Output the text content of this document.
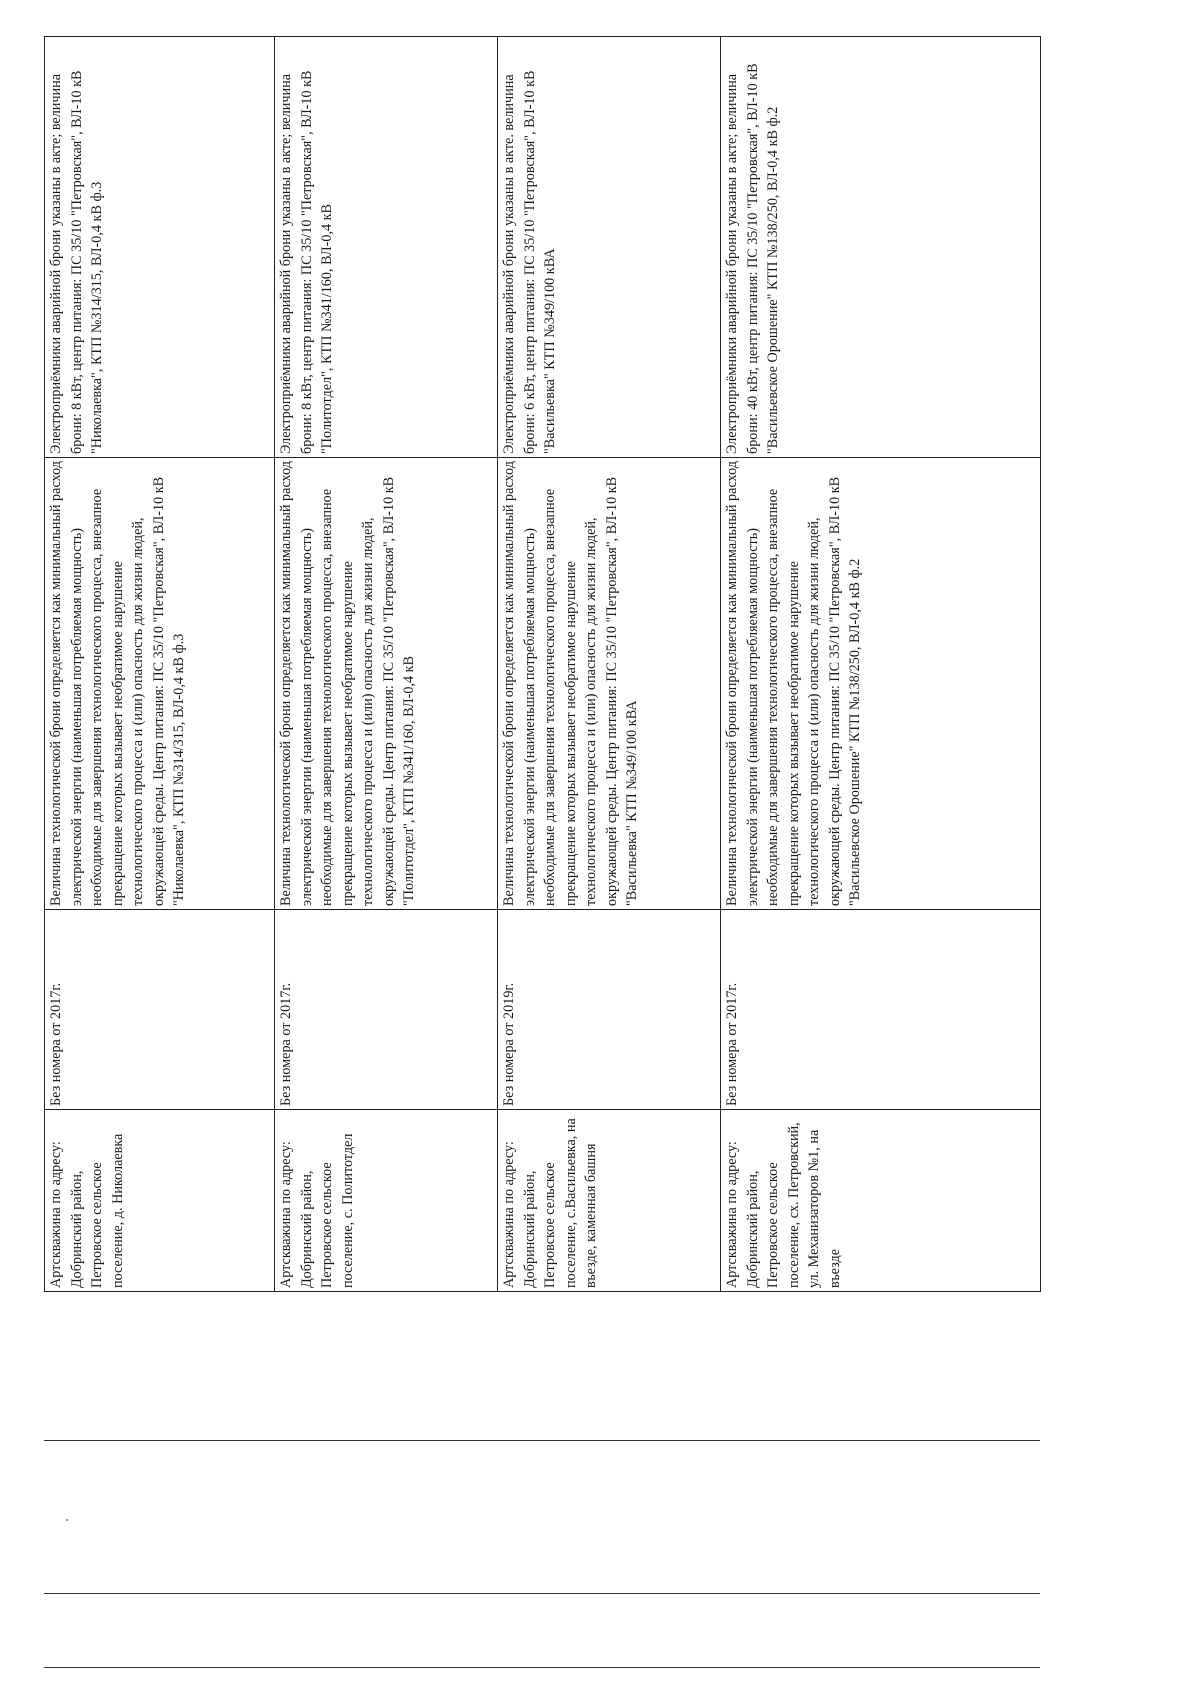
Артскважина по адресу: Добринский район, Петровское сельское поселение, д. Николаевка	Без номера от 2017г.	Величина технологической брони определяется как минимальный расход электрической энергии (наименьшая потребляемая мощность) необходимые для завершения технологического процесса, внезапное прекращение которых вызывает необратимое нарушение технологического процесса и (или) опасность для жизни людей, окружающей среды. Центр питания: ПС 35/10 "Петровская", ВЛ-10 кВ "Николаевка", КТП №314/315, ВЛ-0,4 кВ ф.3	Электроприёмники аварийной брони указаны в акте; величина брони: 8 кВт, центр питания: ПС 35/10 "Петровская", ВЛ-10 кВ "Николаевка", КТП №314/315, ВЛ-0,4 кВ ф.3
Артскважина по адресу: Добринский район, Петровское сельское поселение, с. Политотдел	Без номера от 2017г.	Величина технологической брони определяется как минимальный расход электрической энергии (наименьшая потребляемая мощность) необходимые для завершения технологического процесса, внезапное прекращение которых вызывает необратимое нарушение технологического процесса и (или) опасность для жизни людей, окружающей среды. Центр питания: ПС 35/10 "Петровская", ВЛ-10 кВ "Политотдел", КТП №341/160, ВЛ-0,4 кВ	Электроприёмники аварийной брони указаны в акте; величина брони: 8 кВт, центр питания: ПС 35/10 "Петровская", ВЛ-10 кВ "Политотдел", КТП №341/160, ВЛ-0,4 кВ
Артскважина по адресу: Добринский район, Петровское сельское поселение, с.Васильевка, на въезде, каменная башня	Без номера от 2019г.	Величина технологической брони определяется как минимальный расход электрической энергии (наименьшая потребляемая мощность) необходимые для завершения технологического процесса, внезапное прекращение которых вызывает необратимое нарушение технологического процесса и (или) опасность для жизни людей, окружающей среды. Центр питания: ПС 35/10 "Петровская", ВЛ-10 кВ "Васильевка" КТП №349/100 кВА	Электроприёмники аварийной брони указаны в акте. величина брони: 6 кВт, центр питания: ПС 35/10 "Петровская", ВЛ-10 кВ "Васильевка" КТП №349/100 кВА
Артскважина по адресу: Добринский район, Петровское сельское поселение, сх. Петровский, ул. Механизаторов №1, на въезде	Без номера от 2017г.	Величина технологической брони определяется как минимальный расход электрической энергии (наименьшая потребляемая мощность) необходимые для завершения технологического процесса, внезапное прекращение которых вызывает необратимое нарушение технологического процесса и (или) опасность для жизни людей, окружающей среды. Центр питания: ПС 35/10 "Петровская", ВЛ-10 кВ "Васильевское Орошение" КТП №138/250, ВЛ-0,4 кВ ф.2	Электроприёмники аварийной брони указаны в акте; величина брони: 40 кВт, центр питания: ПС 35/10 "Петровская", ВЛ-10 кВ "Васильевское Орошение" КТП №138/250, ВЛ-0,4 кВ ф.2
